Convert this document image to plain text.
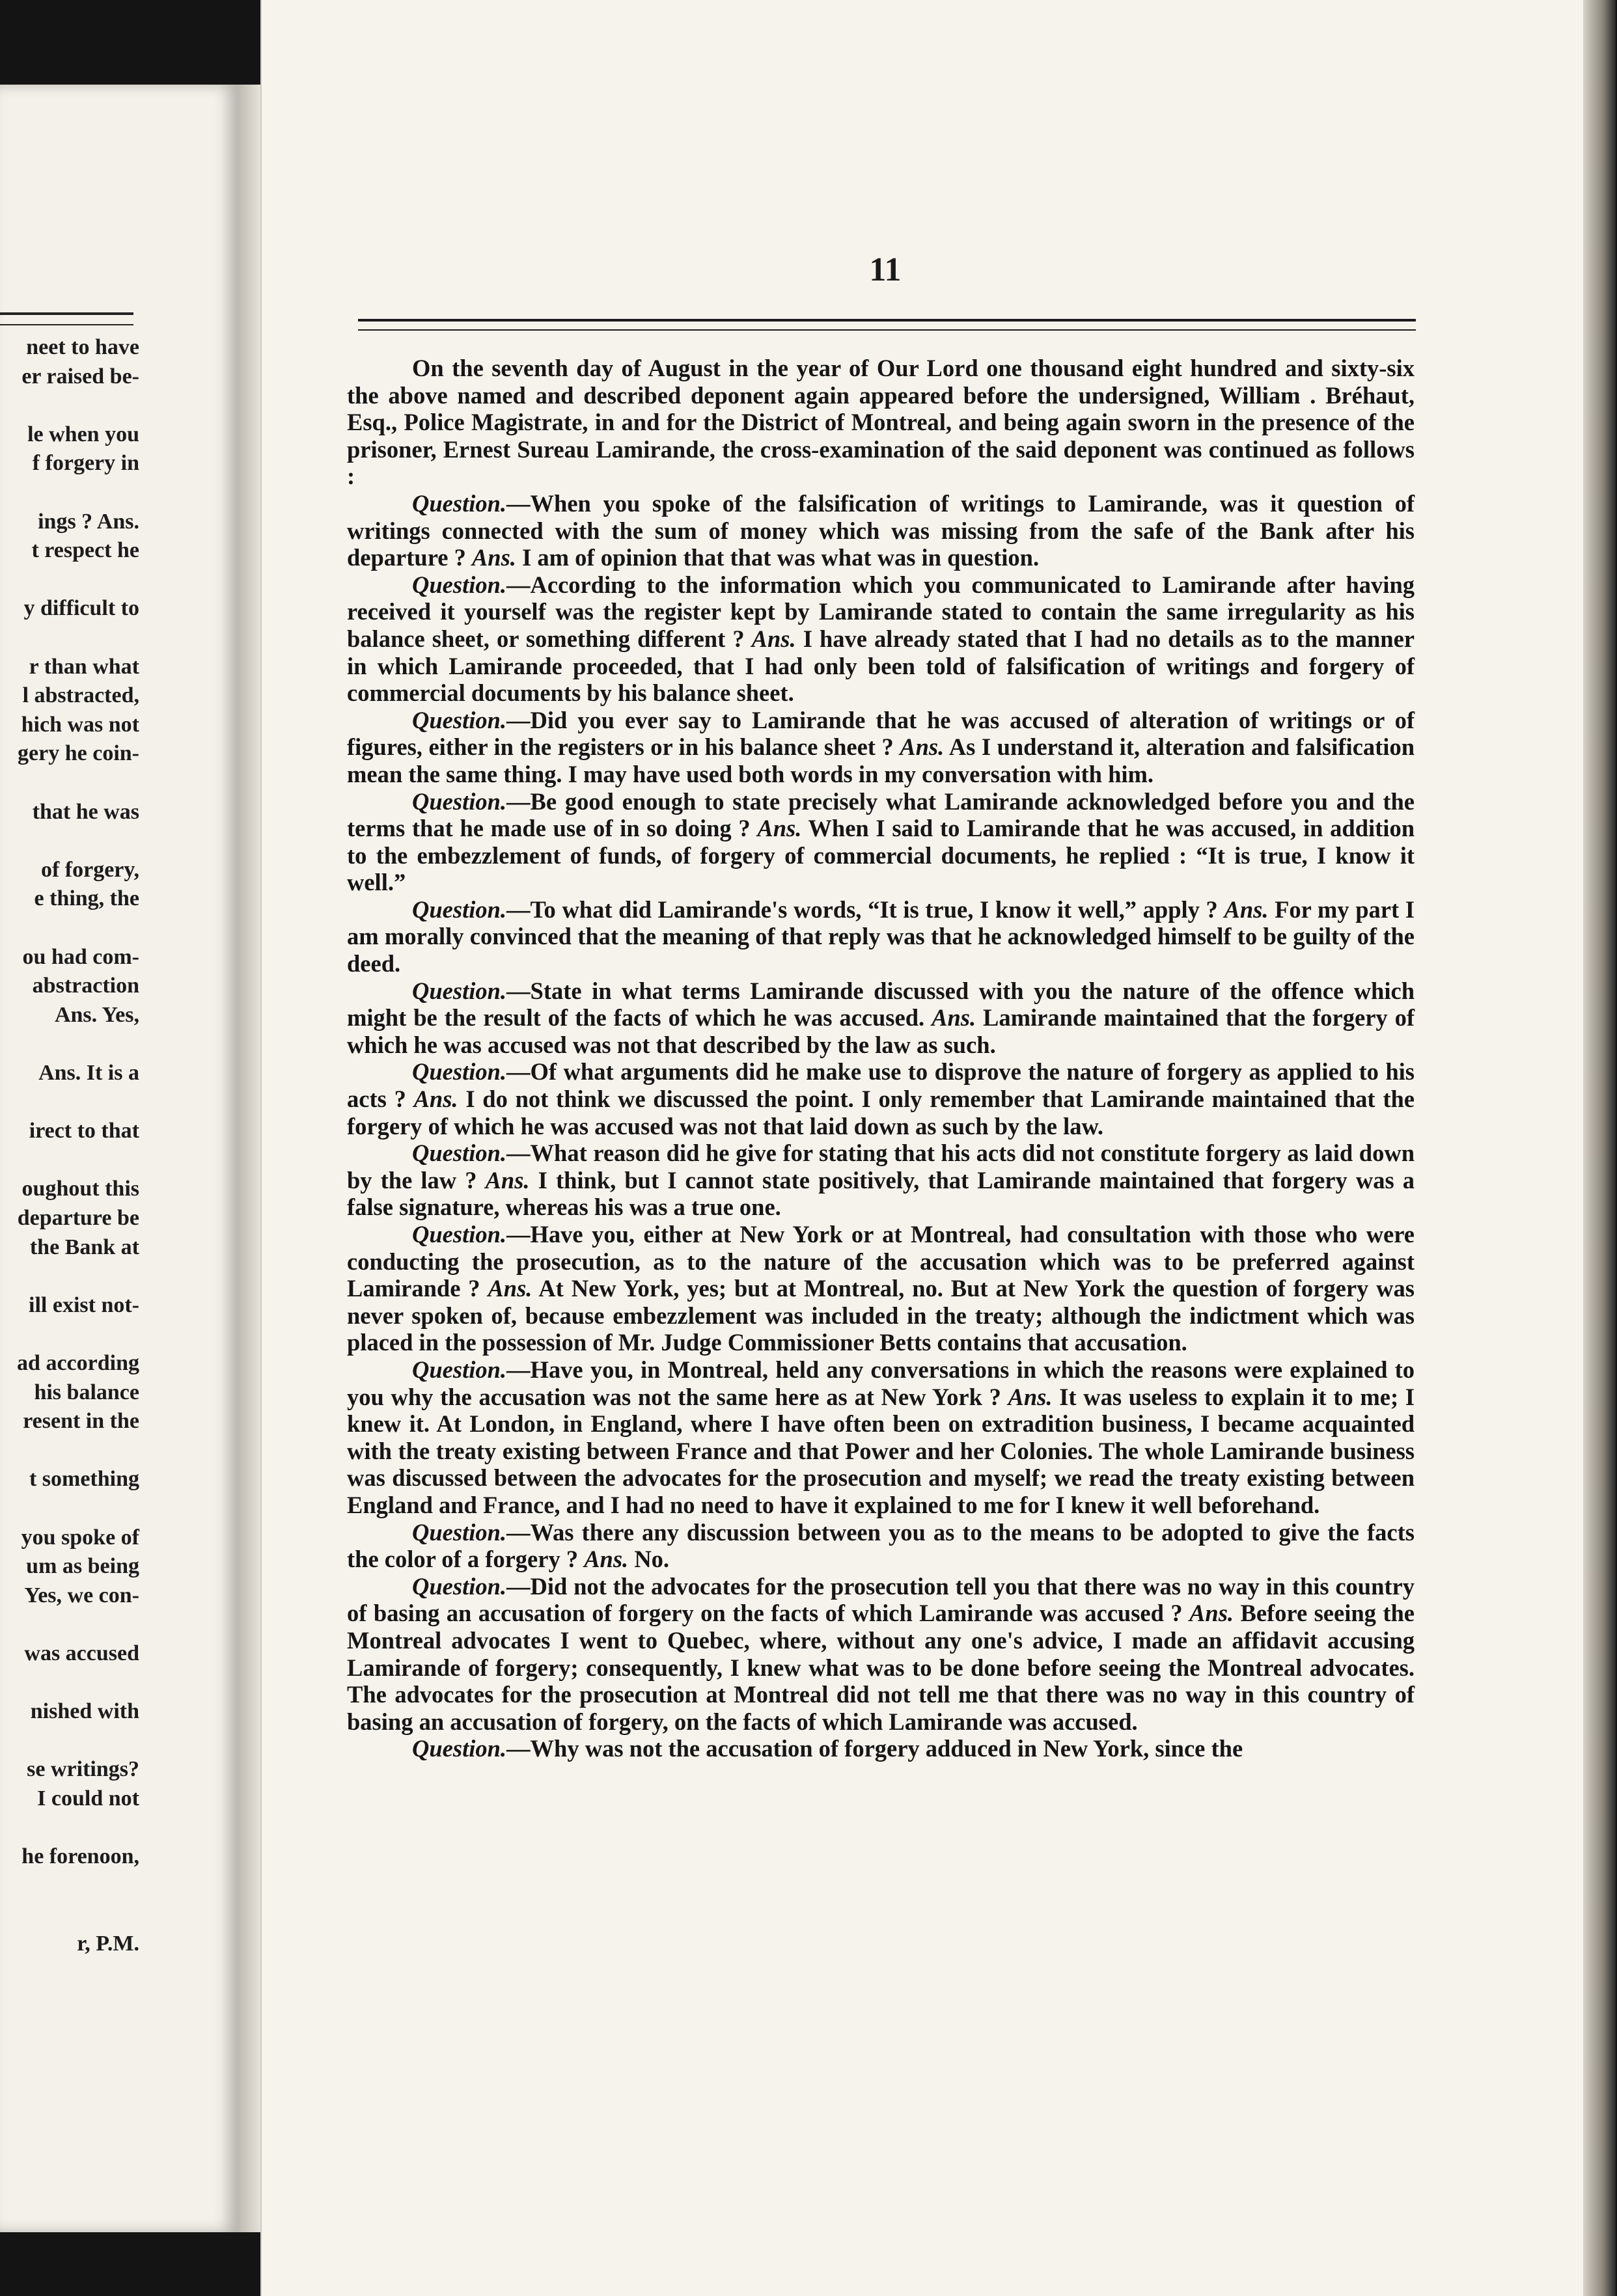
neet to have
er raised be-
le when you
f forgery in
ings ? Ans.
t respect he
y difficult to
r than what
l abstracted,
hich was not
gery he coin-
that he was
of forgery,
e thing, the
ou had com-
abstraction
Ans. Yes,
Ans. It is a
irect to that
oughout this
departure be
the Bank at
ill exist not-
ad according
his balance
resent in the
t something
you spoke of
um as being
Yes, we con-
was accused
nished with
se writings?
I could not
he forenoon,
r, P.M.
11

On the seventh day of August in the year of Our Lord one thousand eight hundred and sixty-six the above named and described deponent again appeared before the undersigned, William . Bréhaut, Esq., Police Magistrate, in and for the District of Montreal, and being again sworn in the presence of the prisoner, Ernest Sureau Lamirande, the cross-examination of the said deponent was continued as follows :

Question.—When you spoke of the falsification of writings to Lamirande, was it question of writings connected with the sum of money which was missing from the safe of the Bank after his departure ? Ans. I am of opinion that that was what was in question.

Question.—According to the information which you communicated to Lamirande after having received it yourself was the register kept by Lamirande stated to contain the same irregularity as his balance sheet, or something different ? Ans. I have already stated that I had no details as to the manner in which Lamirande proceeded, that I had only been told of falsification of writings and forgery of commercial documents by his balance sheet.

Question.—Did you ever say to Lamirande that he was accused of alteration of writings or of figures, either in the registers or in his balance sheet ? Ans. As I understand it, alteration and falsification mean the same thing. I may have used both words in my conversation with him.

Question.—Be good enough to state precisely what Lamirande acknowledged before you and the terms that he made use of in so doing ? Ans. When I said to Lamirande that he was accused, in addition to the embezzlement of funds, of forgery of commercial documents, he replied : “It is true, I know it well.”

Question.—To what did Lamirande's words, “It is true, I know it well,” apply ? Ans. For my part I am morally convinced that the meaning of that reply was that he acknowledged himself to be guilty of the deed.

Question.—State in what terms Lamirande discussed with you the nature of the offence which might be the result of the facts of which he was accused. Ans. Lamirande maintained that the forgery of which he was accused was not that described by the law as such.

Question.—Of what arguments did he make use to disprove the nature of forgery as applied to his acts ? Ans. I do not think we discussed the point. I only remember that Lamirande maintained that the forgery of which he was accused was not that laid down as such by the law.

Question.—What reason did he give for stating that his acts did not constitute forgery as laid down by the law ? Ans. I think, but I cannot state positively, that Lamirande maintained that forgery was a false signature, whereas his was a true one.

Question.—Have you, either at New York or at Montreal, had consultation with those who were conducting the prosecution, as to the nature of the accusation which was to be preferred against Lamirande ? Ans. At New York, yes; but at Montreal, no. But at New York the question of forgery was never spoken of, because embezzlement was included in the treaty; although the indictment which was placed in the possession of Mr. Judge Commissioner Betts contains that accusation.

Question.—Have you, in Montreal, held any conversations in which the reasons were explained to you why the accusation was not the same here as at New York ? Ans. It was useless to explain it to me; I knew it. At London, in England, where I have often been on extradition business, I became acquainted with the treaty existing between France and that Power and her Colonies. The whole Lamirande business was discussed between the advocates for the prosecution and myself; we read the treaty existing between England and France, and I had no need to have it explained to me for I knew it well beforehand.

Question.—Was there any discussion between you as to the means to be adopted to give the facts the color of a forgery ? Ans. No.

Question.—Did not the advocates for the prosecution tell you that there was no way in this country of basing an accusation of forgery on the facts of which Lamirande was accused ? Ans. Before seeing the Montreal advocates I went to Quebec, where, without any one's advice, I made an affidavit accusing Lamirande of forgery; consequently, I knew what was to be done before seeing the Montreal advocates. The advocates for the prosecution at Montreal did not tell me that there was no way in this country of basing an accusation of forgery, on the facts of which Lamirande was accused.

Question.—Why was not the accusation of forgery adduced in New York, since the
